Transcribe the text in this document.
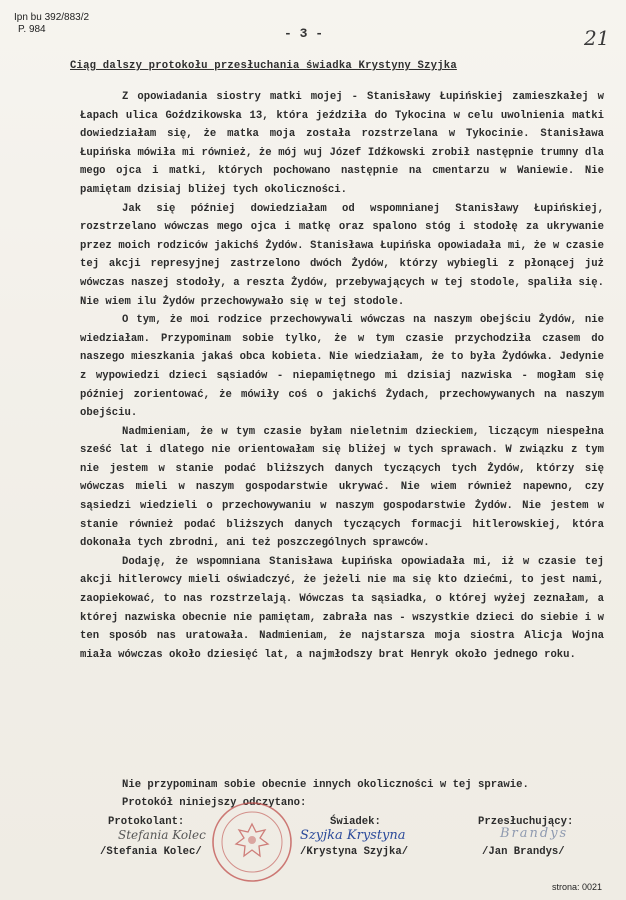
Ipn bu 392/883/2
P. 984	- 3 -	21
Ciąg dalszy protokołu przesłuchania świadka Krystyny Szyjka

Z opowiadania siostry matki mojej - Stanisławy Łupińskiej zamieszkałej w Łapach ulica Goździkowska 13, która jeździła do Tykocina w celu uwolnienia matki dowiedziałam się, że matka moja została rozstrzelana w Tykocinie. Stanisława Łupińska mówiła mi również, że mój wuj Józef Idźkowski zrobił następnie trumny dla mego ojca i matki, których pochowano następnie na cmentarzu w Waniewie. Nie pamiętam dzisiaj bliżej tych okoliczności.

Jak się później dowiedziałam od wspomnianej Stanisławy Łupińskiej, rozstrzelano wówczas mego ojca i matkę oraz spalono stóg i stodołę za ukrywanie przez moich rodziców jakichś Żydów. Stanisława Łupińska opowiadała mi, że w czasie tej akcji represyjnej zastrzelono dwóch Żydów, którzy wybiegli z płonącej już wówczas naszej stodoły, a reszta Żydów, przebywających w tej stodole, spaliła się. Nie wiem ilu Żydów przechowywało się w tej stodole.

O tym, że moi rodzice przechowywali wówczas na naszym obejściu Żydów, nie wiedziałam. Przypominam sobie tylko, że w tym czasie przychodziła czasem do naszego mieszkania jakaś obca kobieta. Nie wiedziałam, że to była Żydówka. Jedynie z wypowiedzi dzieci sąsiadów - niepamiętnego mi dzisiaj nazwiska - mogłam się później zorientować, że mówiły coś o jakichś Żydach, przechowywanych na naszym obejściu.

Nadmieniam, że w tym czasie byłam nieletnim dzieckiem, liczącym niespełna sześć lat i dlatego nie orientowałam się bliżej w tych sprawach. W związku z tym nie jestem w stanie podać bliższych danych tyczących tych Żydów, którzy się wówczas mieli w naszym gospodarstwie ukrywać. Nie wiem również napewno, czy sąsiedzi wiedzieli o przechowywaniu w naszym gospodarstwie Żydów. Nie jestem w stanie również podać bliższych danych tyczących formacji hitlerowskiej, która dokonała tych zbrodni, ani też poszczególnych sprawców.

Dodaję, że wspomniana Stanisława Łupińska opowiadała mi, iż w czasie tej akcji hitlerowcy mieli oświadczyć, że jeżeli nie ma się kto dziećmi, to jest nami, zaopiekować, to nas rozstrzelają. Wówczas ta sąsiadka, o której wyżej zeznałam, a której nazwiska obecnie nie pamiętam, zabrała nas - wszystkie dzieci do siebie i w ten sposób nas uratowała. Nadmieniam, że najstarsza moja siostra Alicja Wojna miała wówczas około dziesięć lat, a najmłodszy brat Henryk około jednego roku.

Nie przypominam sobie obecnie innych okoliczności w tej sprawie.
Protokół niniejszy odczytano:
Protokolant:	Świadek:	Przesłuchujący:
Stefania Kolec	Szyjka Krystyna	Brandys
/Stefania Kolec/	/Krystyna Szyjka/	/Jan Brandys/
strona: 0021
